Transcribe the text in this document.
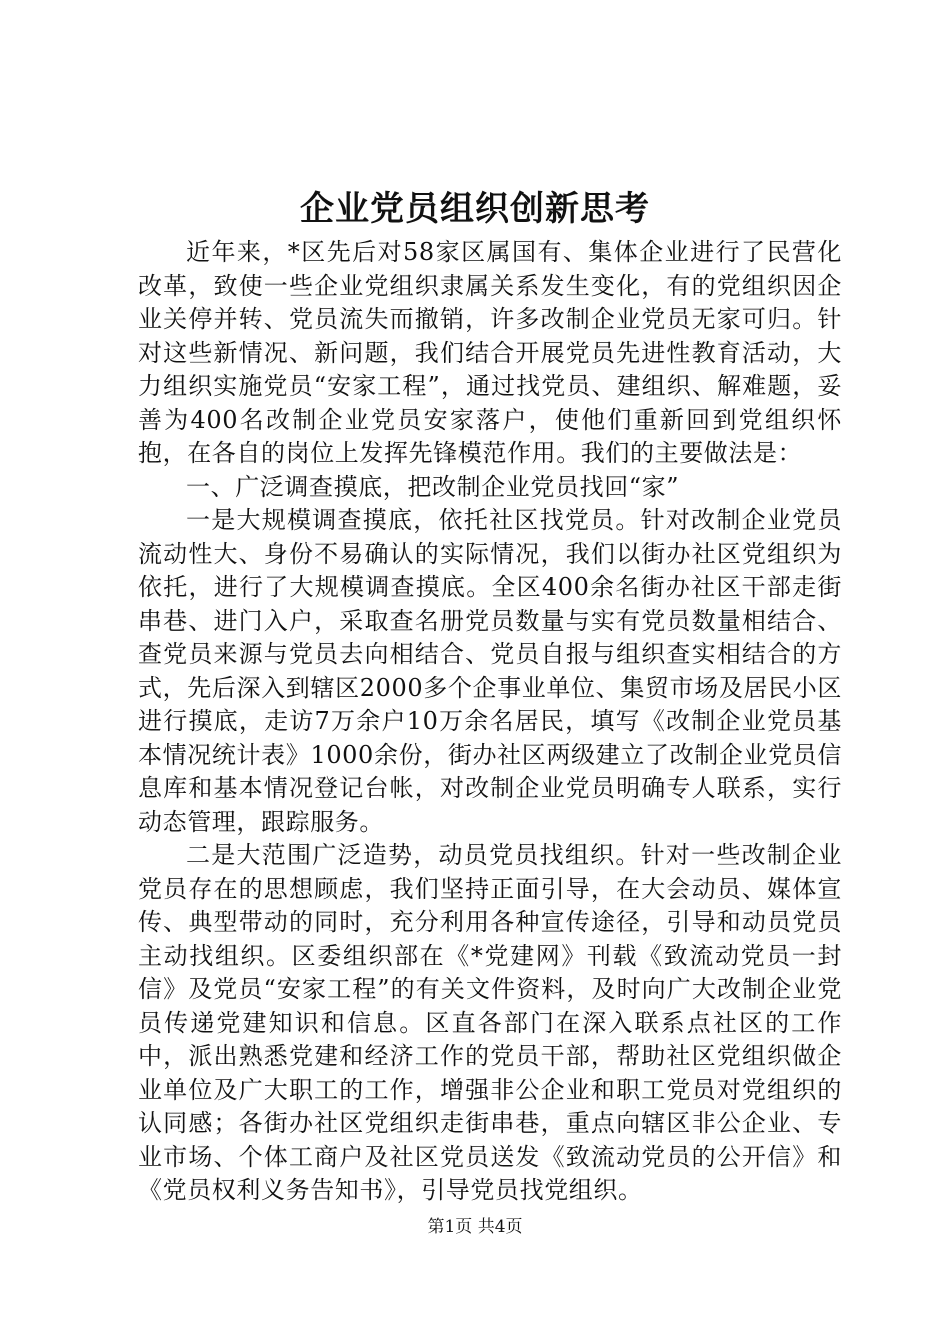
企业党员组织创新思考

近年来，*区先后对58家区属国有、集体企业进行了民营化改革，致使一些企业党组织隶属关系发生变化，有的党组织因企业关停并转、党员流失而撤销，许多改制企业党员无家可归。针对这些新情况、新问题，我们结合开展党员先进性教育活动，大力组织实施党员“安家工程”，通过找党员、建组织、解难题，妥善为400名改制企业党员安家落户，使他们重新回到党组织怀抱，在各自的岗位上发挥先锋模范作用。我们的主要做法是：

一、广泛调查摸底，把改制企业党员找回“家”

一是大规模调查摸底，依托社区找党员。针对改制企业党员流动性大、身份不易确认的实际情况，我们以街办社区党组织为依托，进行了大规模调查摸底。全区400余名街办社区干部走街串巷、进门入户，采取查名册党员数量与实有党员数量相结合、查党员来源与党员去向相结合、党员自报与组织查实相结合的方式，先后深入到辖区2000多个企事业单位、集贸市场及居民小区进行摸底，走访7万余户10万余名居民，填写《改制企业党员基本情况统计表》1000余份，街办社区两级建立了改制企业党员信息库和基本情况登记台帐，对改制企业党员明确专人联系，实行动态管理，跟踪服务。

二是大范围广泛造势，动员党员找组织。针对一些改制企业党员存在的思想顾虑，我们坚持正面引导，在大会动员、媒体宣传、典型带动的同时，充分利用各种宣传途径，引导和动员党员主动找组织。区委组织部在《*党建网》刊载《致流动党员一封信》及党员“安家工程”的有关文件资料，及时向广大改制企业党员传递党建知识和信息。区直各部门在深入联系点社区的工作中，派出熟悉党建和经济工作的党员干部，帮助社区党组织做企业单位及广大职工的工作，增强非公企业和职工党员对党组织的认同感；各街办社区党组织走街串巷，重点向辖区非公企业、专业市场、个体工商户及社区党员送发《致流动党员的公开信》和《党员权利义务告知书》，引导党员找党组织。

第1页 共4页
